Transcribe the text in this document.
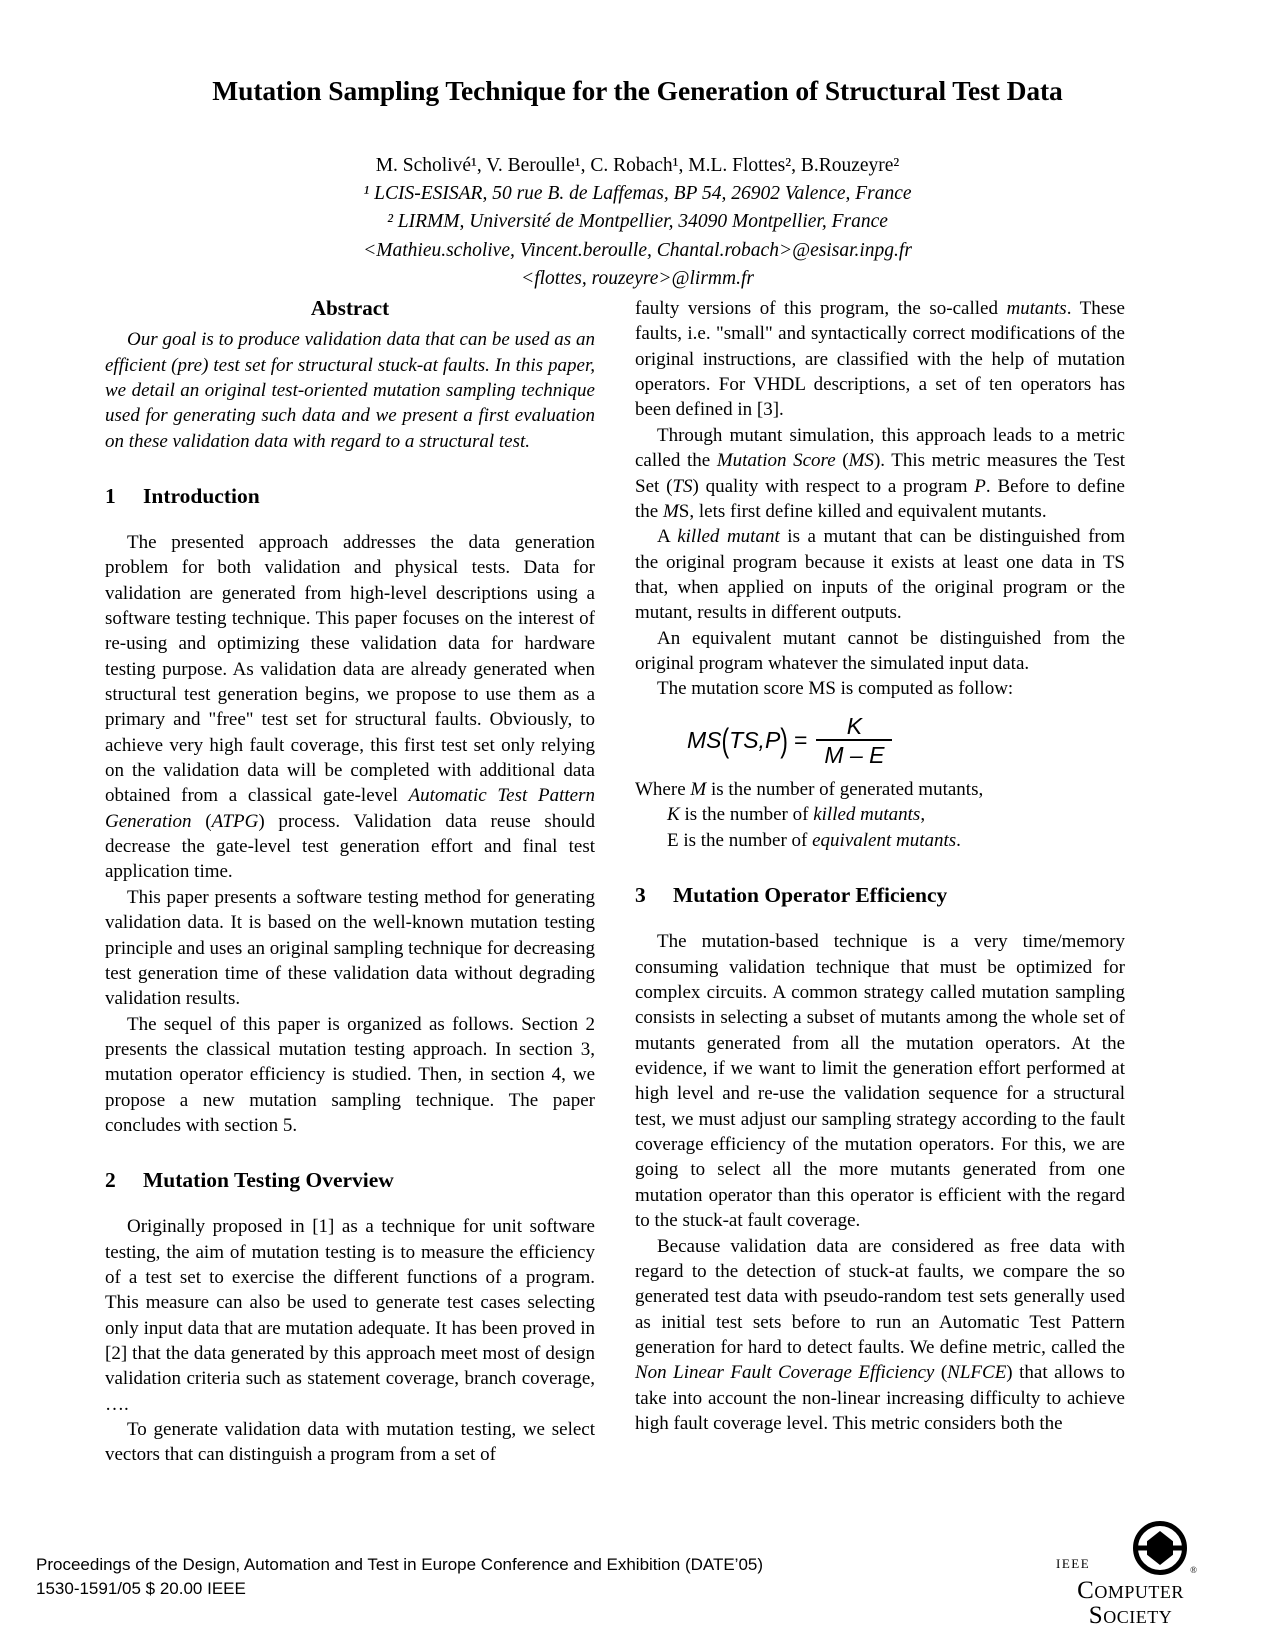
Mutation Sampling Technique for the Generation of Structural Test Data
M. Scholivé¹, V. Beroulle¹, C. Robach¹, M.L. Flottes², B.Rouzeyre²
¹ LCIS-ESISAR, 50 rue B. de Laffemas, BP 54, 26902 Valence, France
² LIRMM, Université de Montpellier, 34090 Montpellier, France
<Mathieu.scholive, Vincent.beroulle, Chantal.robach>@esisar.inpg.fr
<flottes, rouzeyre>@lirmm.fr
Abstract

Our goal is to produce validation data that can be used as an efficient (pre) test set for structural stuck-at faults. In this paper, we detail an original test-oriented mutation sampling technique used for generating such data and we present a first evaluation on these validation data with regard to a structural test.

1 Introduction

The presented approach addresses the data generation problem for both validation and physical tests. Data for validation are generated from high-level descriptions using a software testing technique. This paper focuses on the interest of re-using and optimizing these validation data for hardware testing purpose. As validation data are already generated when structural test generation begins, we propose to use them as a primary and "free" test set for structural faults. Obviously, to achieve very high fault coverage, this first test set only relying on the validation data will be completed with additional data obtained from a classical gate-level Automatic Test Pattern Generation (ATPG) process. Validation data reuse should decrease the gate-level test generation effort and final test application time.

This paper presents a software testing method for generating validation data. It is based on the well-known mutation testing principle and uses an original sampling technique for decreasing test generation time of these validation data without degrading validation results.

The sequel of this paper is organized as follows. Section 2 presents the classical mutation testing approach. In section 3, mutation operator efficiency is studied. Then, in section 4, we propose a new mutation sampling technique. The paper concludes with section 5.

2 Mutation Testing Overview

Originally proposed in [1] as a technique for unit software testing, the aim of mutation testing is to measure the efficiency of a test set to exercise the different functions of a program. This measure can also be used to generate test cases selecting only input data that are mutation adequate. It has been proved in [2] that the data generated by this approach meet most of design validation criteria such as statement coverage, branch coverage, ….

To generate validation data with mutation testing, we select vectors that can distinguish a program from a set of

faulty versions of this program, the so-called mutants. These faults, i.e. "small" and syntactically correct modifications of the original instructions, are classified with the help of mutation operators. For VHDL descriptions, a set of ten operators has been defined in [3].

Through mutant simulation, this approach leads to a metric called the Mutation Score (MS). This metric measures the Test Set (TS) quality with respect to a program P. Before to define the MS, lets first define killed and equivalent mutants.

A killed mutant is a mutant that can be distinguished from the original program because it exists at least one data in TS that, when applied on inputs of the original program or the mutant, results in different outputs.

An equivalent mutant cannot be distinguished from the original program whatever the simulated input data.

The mutation score MS is computed as follow:

$MS(TS,P) = \frac{K}{M - E}$
Where M is the number of generated mutants,
K is the number of killed mutants,
E is the number of equivalent mutants.
3 Mutation Operator Efficiency

The mutation-based technique is a very time/memory consuming validation technique that must be optimized for complex circuits. A common strategy called mutation sampling consists in selecting a subset of mutants among the whole set of mutants generated from all the mutation operators. At the evidence, if we want to limit the generation effort performed at high level and re-use the validation sequence for a structural test, we must adjust our sampling strategy according to the fault coverage efficiency of the mutation operators. For this, we are going to select all the more mutants generated from one mutation operator than this operator is efficient with the regard to the stuck-at fault coverage.

Because validation data are considered as free data with regard to the detection of stuck-at faults, we compare the so generated test data with pseudo-random test sets generally used as initial test sets before to run an Automatic Test Pattern generation for hard to detect faults. We define metric, called the Non Linear Fault Coverage Efficiency (NLFCE) that allows to take into account the non-linear increasing difficulty to achieve high fault coverage level. This metric considers both the

Proceedings of the Design, Automation and Test in Europe Conference and Exhibition (DATE’05)
1530-1591/05 $ 20.00 IEEE
IEEE	®
Computer
Society
